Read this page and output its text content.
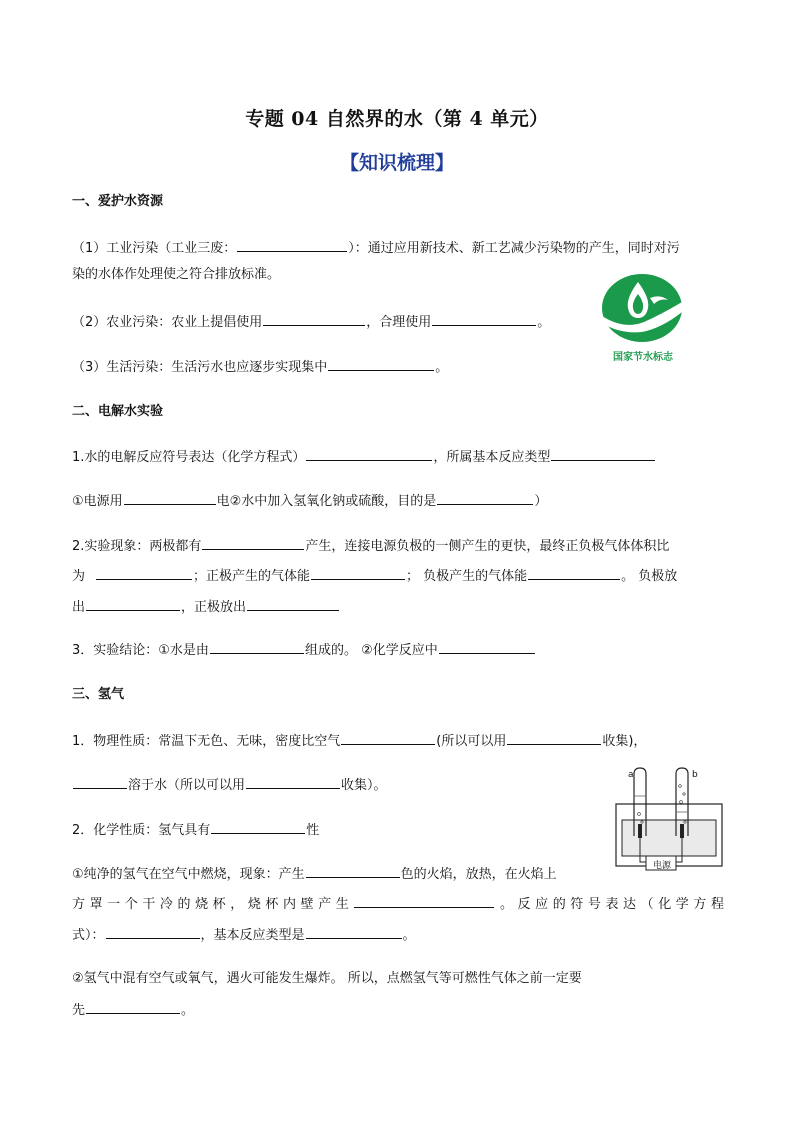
专题 04 自然界的水（第 4 单元）
【知识梳理】
一、爱护水资源
（1）工业污染（工业三废：	）：通过应用新技术、新工艺减少污染物的产生，同时对污
染的水体作处理使之符合排放标准。
（2）农业污染：农业上提倡使用	，合理使用	。
（3）生活污染：生活污水也应逐步实现集中	。
国家节水标志
二、电解水实验
1.水的电解反应符号表达（化学方程式）	，所属基本反应类型
①电源用	电②水中加入氢氧化钠或硫酸，目的是	）
2.实验现象：两极都有	产生，连接电源负极的一侧产生的更快，最终正负极气体体积比
为	；正极产生的气体能	； 负极产生的气体能	。 负极放
出	，正极放出
3．实验结论：①水是由	组成的。 ②化学反应中
三、氢气
1．物理性质：常温下无色、无味，密度比空气	(所以可以用	收集)，
溶于水（所以可以用	收集）。
2．化学性质：氢气具有	性
①纯净的氢气在空气中燃烧，现象：产生	色的火焰，放热，在火焰上
方罩一个干冷的烧杯，烧杯内壁产生	。反应的符号表达（化学方程
式）：	，基本反应类型是	。
②氢气中混有空气或氧气，遇火可能发生爆炸。 所以，点燃氢气等可燃性气体之前一定要
先	。
a	b
电源
